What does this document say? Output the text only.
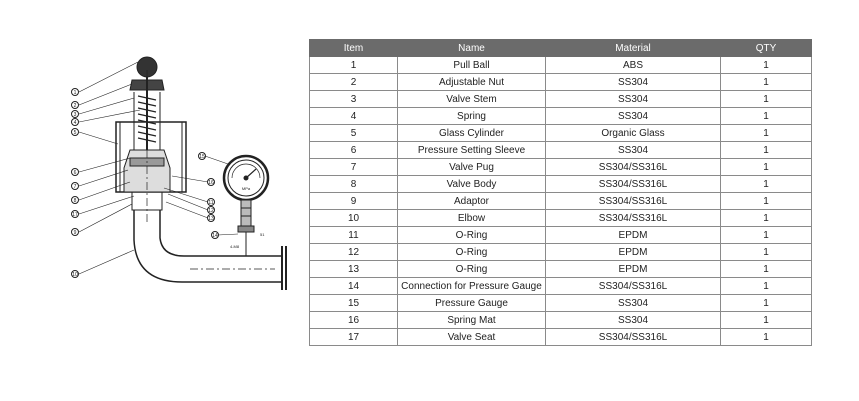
MPa
51
4-M8
1
2
3
4
5
6
7
8
17
9
10
15
16
11
12
13
14
Item	Name	Material	QTY
1	Pull Ball	ABS	1
2	Adjustable Nut	SS304	1
3	Valve Stem	SS304	1
4	Spring	SS304	1
5	Glass Cylinder	Organic Glass	1
6	Pressure Setting Sleeve	SS304	1
7	Valve Pug	SS304/SS316L	1
8	Valve Body	SS304/SS316L	1
9	Adaptor	SS304/SS316L	1
10	Elbow	SS304/SS316L	1
11	O-Ring	EPDM	1
12	O-Ring	EPDM	1
13	O-Ring	EPDM	1
14	Connection for Pressure Gauge	SS304/SS316L	1
15	Pressure Gauge	SS304	1
16	Spring Mat	SS304	1
17	Valve Seat	SS304/SS316L	1
